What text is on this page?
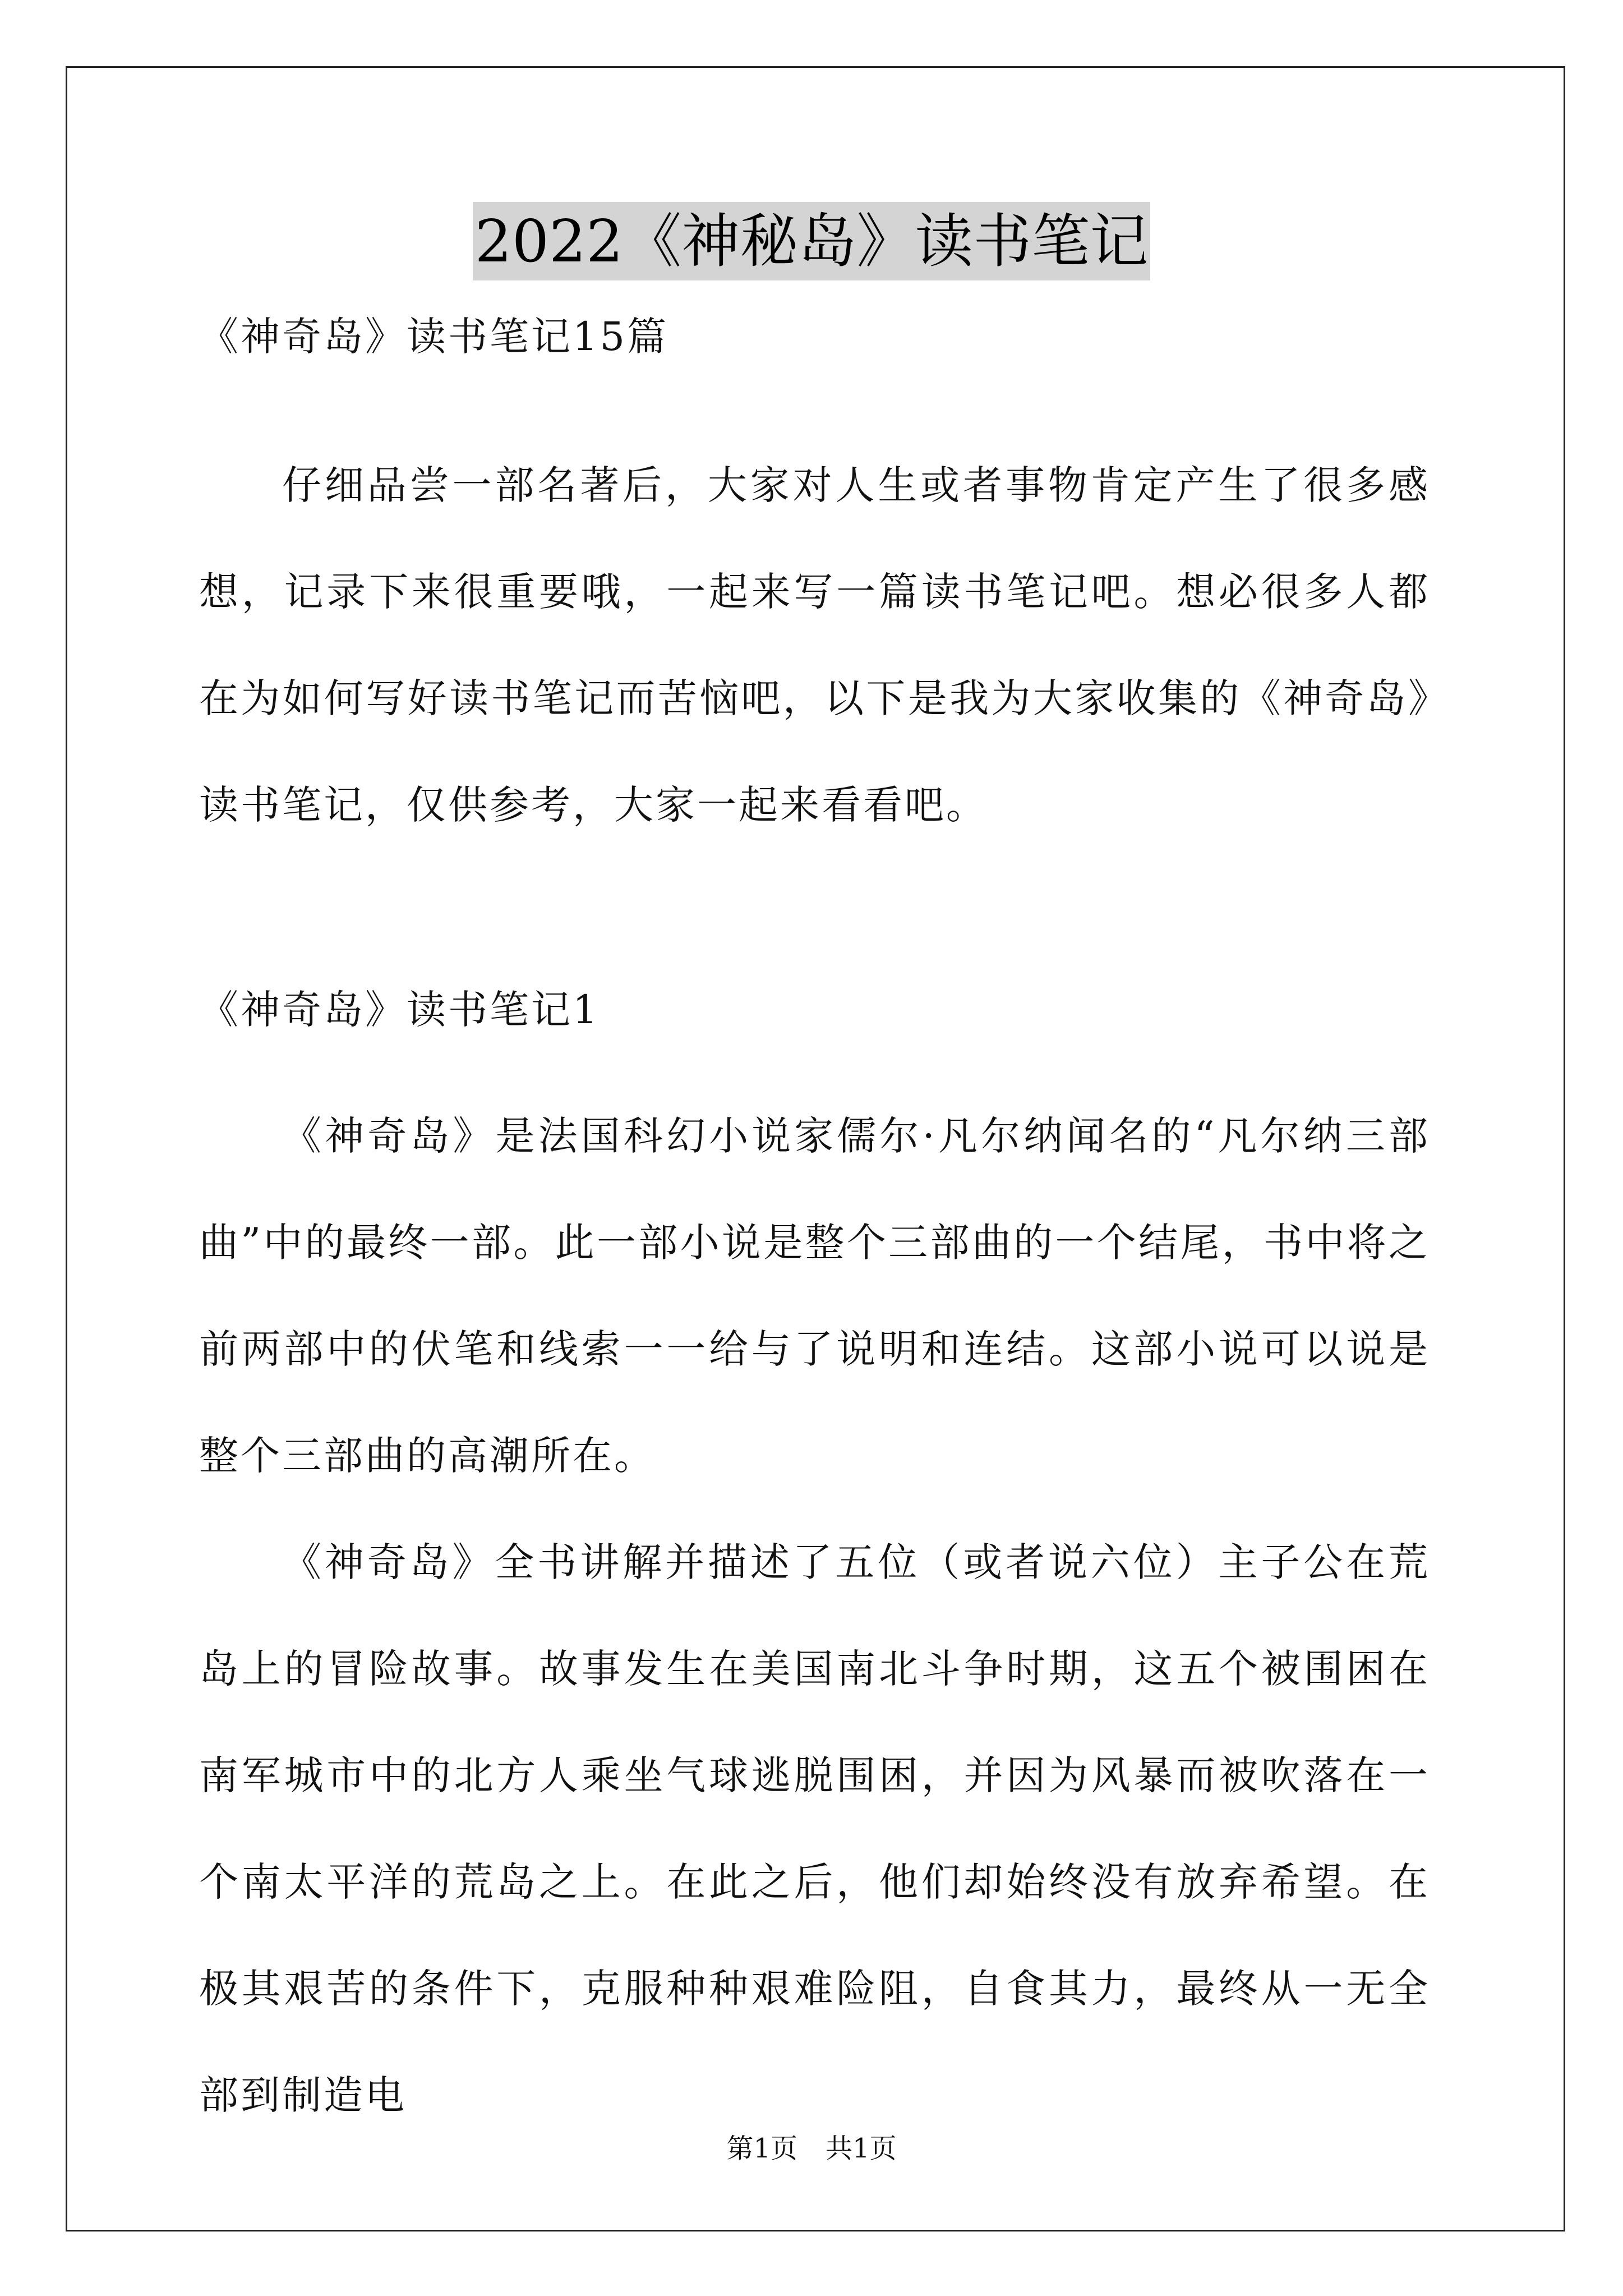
2022《神秘岛》读书笔记
《神奇岛》读书笔记15篇

仔细品尝一部名著后，大家对人生或者事物肯定产生了很多感想，记录下来很重要哦，一起来写一篇读书笔记吧。想必很多人都在为如何写好读书笔记而苦恼吧，以下是我为大家收集的《神奇岛》读书笔记，仅供参考，大家一起来看看吧。

《神奇岛》读书笔记1

《神奇岛》是法国科幻小说家儒尔·凡尔纳闻名的“凡尔纳三部曲”中的最终一部。此一部小说是整个三部曲的一个结尾，书中将之前两部中的伏笔和线索一一给与了说明和连结。这部小说可以说是整个三部曲的高潮所在。

《神奇岛》全书讲解并描述了五位（或者说六位）主子公在荒岛上的冒险故事。故事发生在美国南北斗争时期，这五个被围困在南军城市中的北方人乘坐气球逃脱围困，并因为风暴而被吹落在一个南太平洋的荒岛之上。在此之后，他们却始终没有放弃希望。在极其艰苦的条件下，克服种种艰难险阻，自食其力，最终从一无全部到制造电

第1页 共1页
